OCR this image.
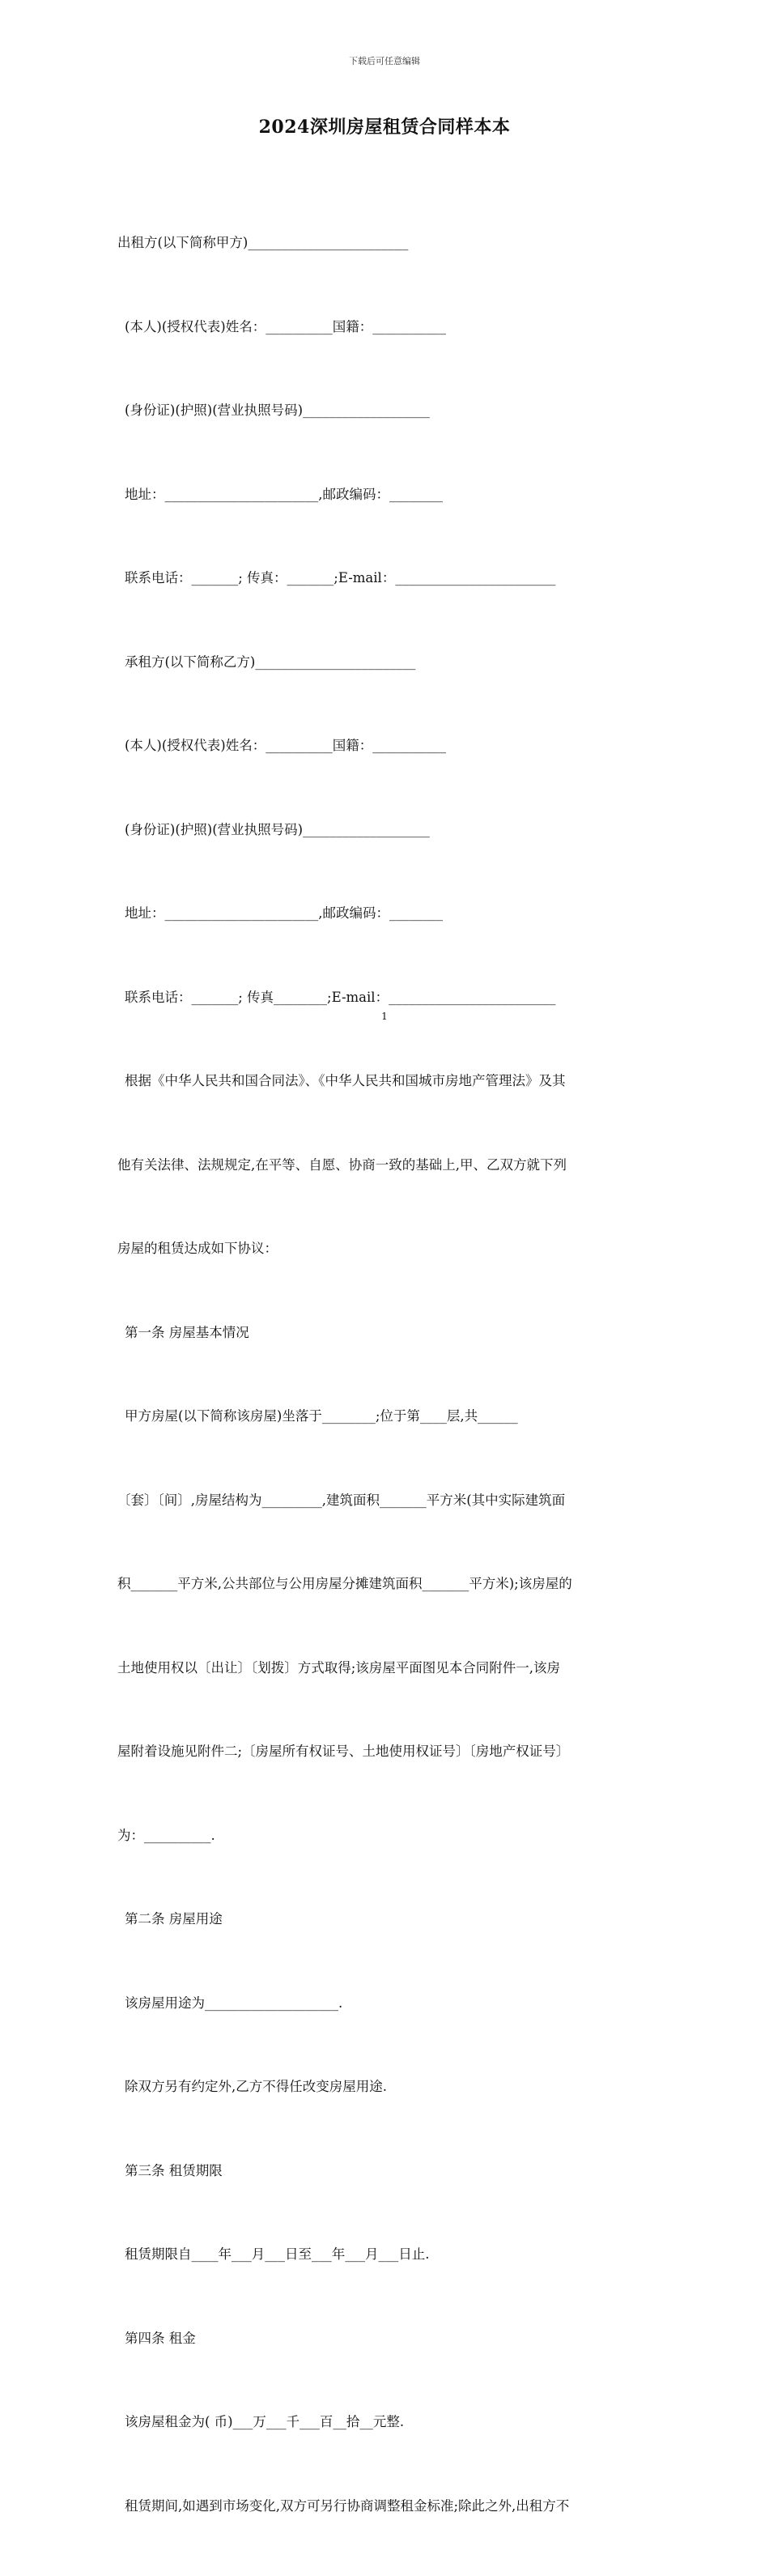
下载后可任意编辑
2024深圳房屋租赁合同样本本

出租方(以下简称甲方)________________________

(本人)(授权代表)姓名：__________国籍：___________

(身份证)(护照)(营业执照号码)___________________

地址：_______________________,邮政编码：________

联系电话：_______; 传真：_______;E-mail：________________________

承租方(以下简称乙方)________________________

(本人)(授权代表)姓名：__________国籍：___________

(身份证)(护照)(营业执照号码)___________________

地址：_______________________,邮政编码：________

联系电话：_______; 传真________;E-mail：_________________________

根据《中华人民共和国合同法》、《中华人民共和国城市房地产管理法》及其

他有关法律、法规规定,在平等、自愿、协商一致的基础上,甲、乙双方就下列

房屋的租赁达成如下协议：

第一条 房屋基本情况

甲方房屋(以下简称该房屋)坐落于________;位于第____层,共______

〔套〕〔间〕,房屋结构为_________,建筑面积_______平方米(其中实际建筑面

积_______平方米,公共部位与公用房屋分摊建筑面积_______平方米);该房屋的

土地使用权以〔出让〕〔划拨〕方式取得;该房屋平面图见本合同附件一,该房

屋附着设施见附件二;〔房屋所有权证号、土地使用权证号〕〔房地产权证号〕

为：__________.

第二条 房屋用途

该房屋用途为____________________.

除双方另有约定外,乙方不得任改变房屋用途.

第三条 租赁期限

租赁期限自____年___月___日至___年___月___日止.

第四条 租金

该房屋租金为( 币)___万___千___百__拾__元整.

租赁期间,如遇到市场变化,双方可另行协商调整租金标准;除此之外,出租方不

1
